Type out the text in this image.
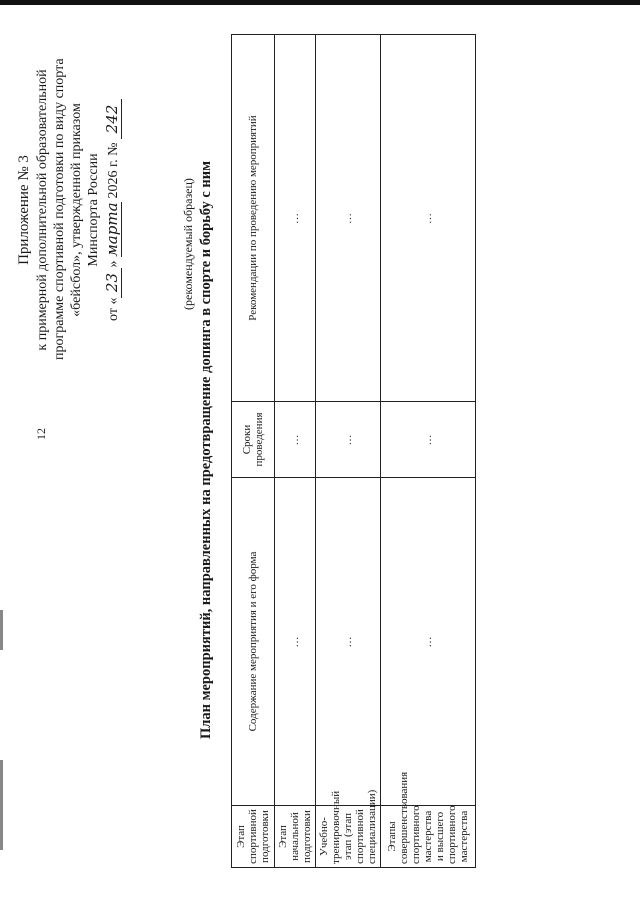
12
Приложение № 3 к примерной дополнительной образовательной программе спортивной подготовки по виду спорта «бейсбол», утвержденной приказом Минспорта России
от «23» марта 2026 г. № 242
(рекомендуемый образец) План мероприятий, направленных на предотвращение допинга в спорте и борьбу с ним
Этап спортивной подготовки	Содержание мероприятия и его форма	Сроки проведения	Рекомендации по проведению мероприятий
Этап начальной подготовки	…	…	…
Учебно-тренировочный этап (этап спортивной специализации)	…	…	…
Этапы совершенствования спортивного мастерства и высшего спортивного мастерства	…	…	…
